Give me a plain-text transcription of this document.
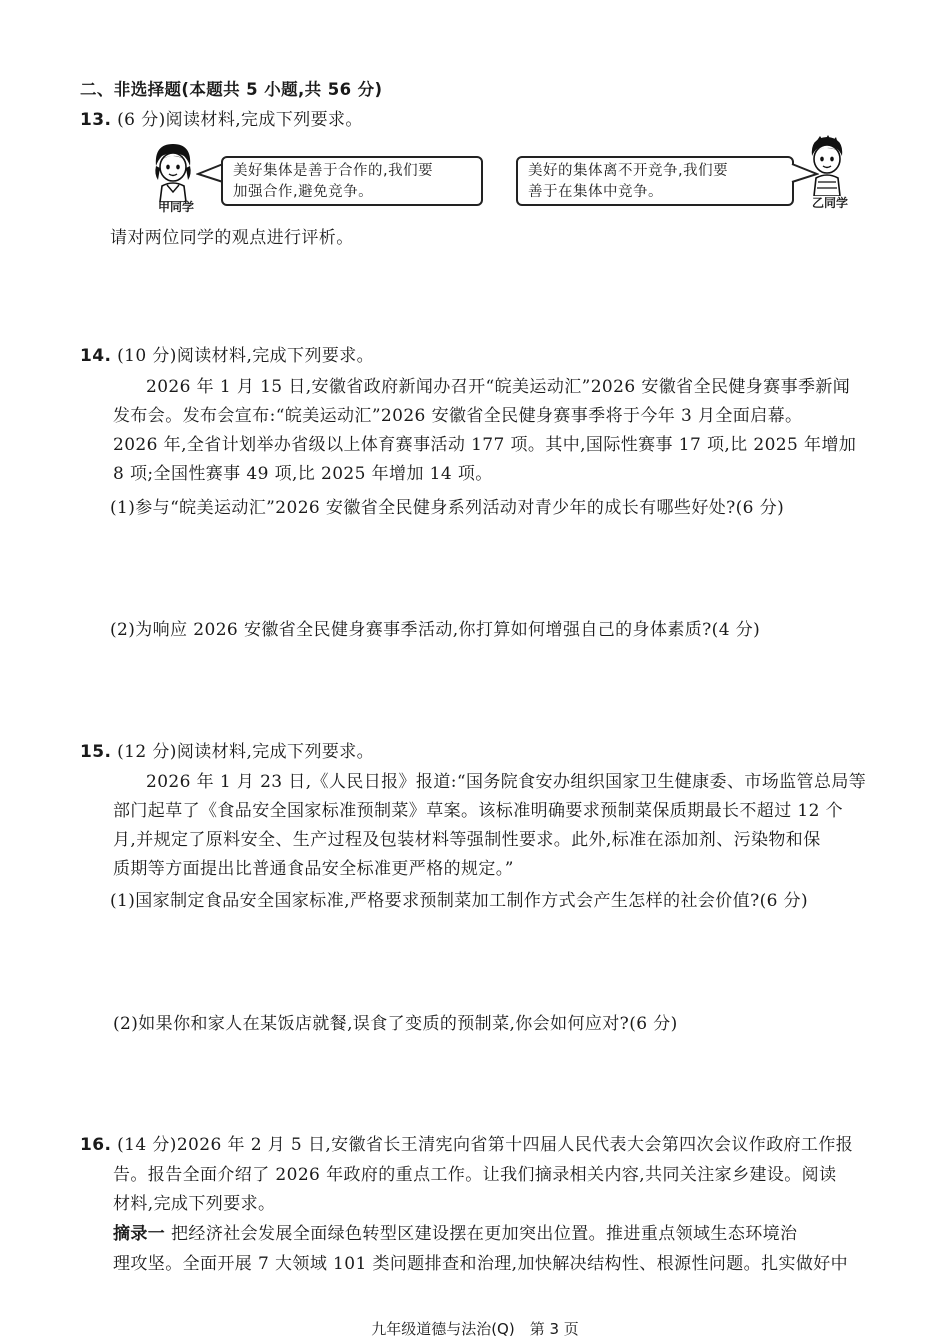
二、非选择题(本题共 5 小题,共 56 分)
13. (6 分)阅读材料,完成下列要求。
甲同学
美好集体是善于合作的,我们要
加强合作,避免竞争。
美好的集体离不开竞争,我们要
善于在集体中竞争。
乙同学
请对两位同学的观点进行评析。
14. (10 分)阅读材料,完成下列要求。
2026 年 1 月 15 日,安徽省政府新闻办召开“皖美运动汇”2026 安徽省全民健身赛事季新闻
发布会。发布会宣布:“皖美运动汇”2026 安徽省全民健身赛事季将于今年 3 月全面启幕。
2026 年,全省计划举办省级以上体育赛事活动 177 项。其中,国际性赛事 17 项,比 2025 年增加
8 项;全国性赛事 49 项,比 2025 年增加 14 项。
(1)参与“皖美运动汇”2026 安徽省全民健身系列活动对青少年的成长有哪些好处?(6 分)
(2)为响应 2026 安徽省全民健身赛事季活动,你打算如何增强自己的身体素质?(4 分)
15. (12 分)阅读材料,完成下列要求。
2026 年 1 月 23 日,《人民日报》报道:“国务院食安办组织国家卫生健康委、市场监管总局等
部门起草了《食品安全国家标准预制菜》草案。该标准明确要求预制菜保质期最长不超过 12 个
月,并规定了原料安全、生产过程及包装材料等强制性要求。此外,标准在添加剂、污染物和保
质期等方面提出比普通食品安全标准更严格的规定。”
(1)国家制定食品安全国家标准,严格要求预制菜加工制作方式会产生怎样的社会价值?(6 分)
(2)如果你和家人在某饭店就餐,误食了变质的预制菜,你会如何应对?(6 分)
16. (14 分)2026 年 2 月 5 日,安徽省长王清宪向省第十四届人民代表大会第四次会议作政府工作报
告。报告全面介绍了 2026 年政府的重点工作。让我们摘录相关内容,共同关注家乡建设。阅读
材料,完成下列要求。
摘录一 把经济社会发展全面绿色转型区建设摆在更加突出位置。推进重点领域生态环境治
理攻坚。全面开展 7 大领域 101 类问题排查和治理,加快解决结构性、根源性问题。扎实做好中
九年级道德与法治(Q)　第 3 页
